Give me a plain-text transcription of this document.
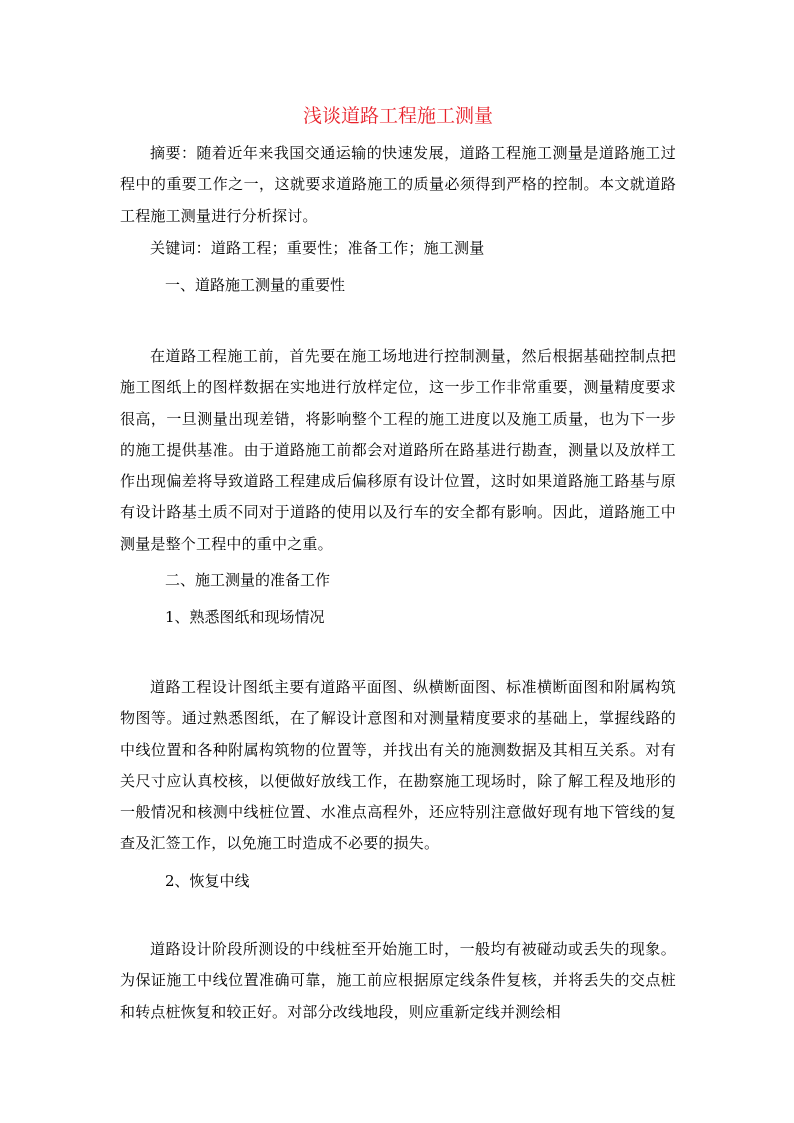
浅谈道路工程施工测量

摘要：随着近年来我国交通运输的快速发展，道路工程施工测量是道路施工过程中的重要工作之一，这就要求道路施工的质量必须得到严格的控制。本文就道路工程施工测量进行分析探讨。

关键词：道路工程；重要性；准备工作；施工测量

一、道路施工测量的重要性

在道路工程施工前，首先要在施工场地进行控制测量，然后根据基础控制点把施工图纸上的图样数据在实地进行放样定位，这一步工作非常重要，测量精度要求很高，一旦测量出现差错，将影响整个工程的施工进度以及施工质量，也为下一步的施工提供基准。由于道路施工前都会对道路所在路基进行勘查，测量以及放样工作出现偏差将导致道路工程建成后偏移原有设计位置，这时如果道路施工路基与原有设计路基土质不同对于道路的使用以及行车的安全都有影响。因此，道路施工中测量是整个工程中的重中之重。

二、施工测量的准备工作

1、熟悉图纸和现场情况

道路工程设计图纸主要有道路平面图、纵横断面图、标准横断面图和附属构筑物图等。通过熟悉图纸，在了解设计意图和对测量精度要求的基础上，掌握线路的中线位置和各种附属构筑物的位置等，并找出有关的施测数据及其相互关系。对有关尺寸应认真校核，以便做好放线工作，在勘察施工现场时，除了解工程及地形的一般情况和核测中线桩位置、水准点高程外，还应特别注意做好现有地下管线的复查及汇签工作，以免施工时造成不必要的损失。

2、恢复中线

道路设计阶段所测设的中线桩至开始施工时，一般均有被碰动或丢失的现象。为保证施工中线位置准确可靠，施工前应根据原定线条件复核，并将丢失的交点桩和转点桩恢复和较正好。对部分改线地段，则应重新定线并测绘相
